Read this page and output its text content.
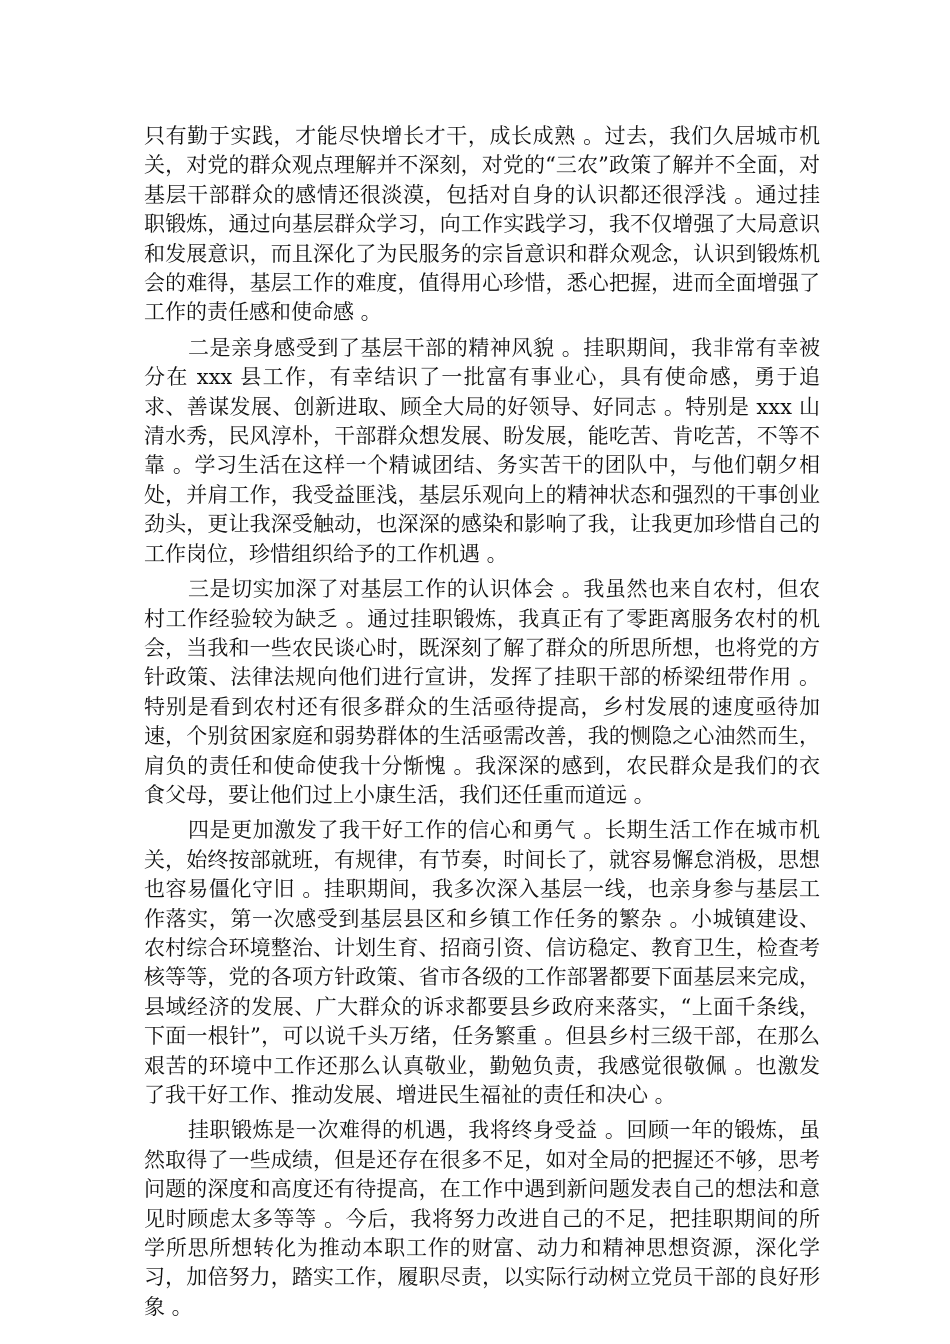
只有勤于实践，才能尽快增长才干，成长成熟 。过去，我们久居城市机关，对党的群众观点理解并不深刻，对党的“三农”政策了解并不全面，对基层干部群众的感情还很淡漠，包括对自身的认识都还很浮浅 。通过挂职锻炼，通过向基层群众学习，向工作实践学习，我不仅增强了大局意识和发展意识，而且深化了为民服务的宗旨意识和群众观念，认识到锻炼机会的难得，基层工作的难度，值得用心珍惜，悉心把握，进而全面增强了工作的责任感和使命感 。

二是亲身感受到了基层干部的精神风貌 。挂职期间，我非常有幸被分在 xxx 县工作，有幸结识了一批富有事业心，具有使命感，勇于追求、善谋发展、创新进取、顾全大局的好领导、好同志 。特别是 xxx 山清水秀，民风淳朴，干部群众想发展、盼发展，能吃苦、肯吃苦，不等不靠 。学习生活在这样一个精诚团结、务实苦干的团队中，与他们朝夕相处，并肩工作，我受益匪浅，基层乐观向上的精神状态和强烈的干事创业劲头，更让我深受触动，也深深的感染和影响了我，让我更加珍惜自己的工作岗位，珍惜组织给予的工作机遇 。

三是切实加深了对基层工作的认识体会 。我虽然也来自农村，但农村工作经验较为缺乏 。通过挂职锻炼，我真正有了零距离服务农村的机会，当我和一些农民谈心时，既深刻了解了群众的所思所想，也将党的方针政策、法律法规向他们进行宣讲，发挥了挂职干部的桥梁纽带作用 。特别是看到农村还有很多群众的生活亟待提高，乡村发展的速度亟待加速，个别贫困家庭和弱势群体的生活亟需改善，我的恻隐之心油然而生，肩负的责任和使命使我十分惭愧 。我深深的感到，农民群众是我们的衣食父母，要让他们过上小康生活，我们还任重而道远 。

四是更加激发了我干好工作的信心和勇气 。长期生活工作在城市机关，始终按部就班，有规律，有节奏，时间长了，就容易懈怠消极，思想也容易僵化守旧 。挂职期间，我多次深入基层一线，也亲身参与基层工作落实，第一次感受到基层县区和乡镇工作任务的繁杂 。小城镇建设、农村综合环境整治、计划生育、招商引资、信访稳定、教育卫生，检查考核等等，党的各项方针政策、省市各级的工作部署都要下面基层来完成，县域经济的发展、广大群众的诉求都要县乡政府来落实，“上面千条线，下面一根针”，可以说千头万绪，任务繁重 。但县乡村三级干部，在那么艰苦的环境中工作还那么认真敬业，勤勉负责，我感觉很敬佩 。也激发了我干好工作、推动发展、增进民生福祉的责任和决心 。

挂职锻炼是一次难得的机遇，我将终身受益 。回顾一年的锻炼，虽然取得了一些成绩，但是还存在很多不足，如对全局的把握还不够，思考问题的深度和高度还有待提高，在工作中遇到新问题发表自己的想法和意见时顾虑太多等等 。今后，我将努力改进自己的不足，把挂职期间的所学所思所想转化为推动本职工作的财富、动力和精神思想资源，深化学习，加倍努力，踏实工作，履职尽责，以实际行动树立党员干部的良好形象 。
